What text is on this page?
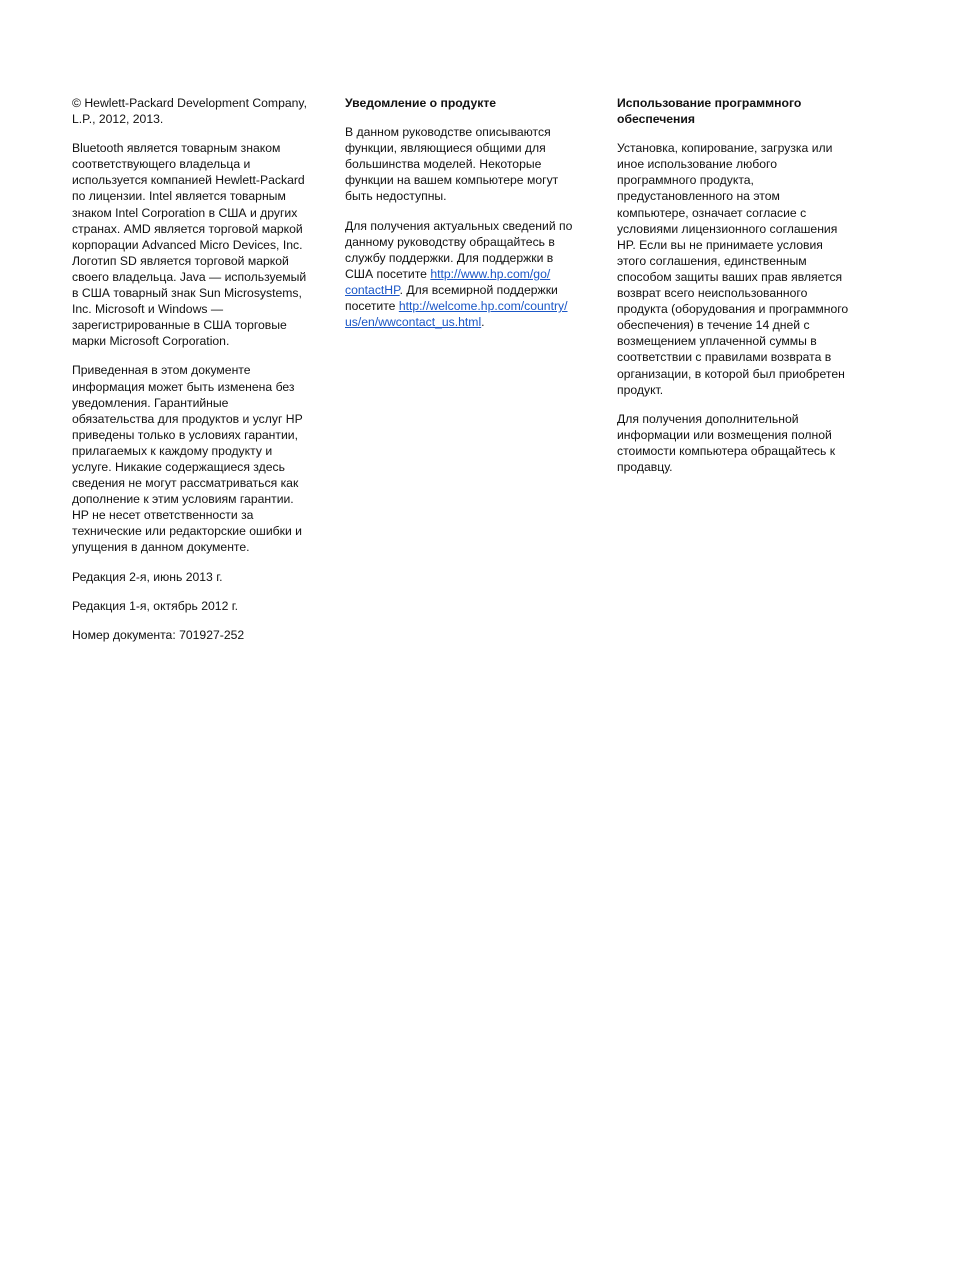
© Hewlett-Packard Development Company,
L.P., 2012, 2013.

Bluetooth является товарным знаком
соответствующего владельца и
используется компанией Hewlett-Packard
по лицензии. Intel является товарным
знаком Intel Corporation в США и других
странах. AMD является торговой маркой
корпорации Advanced Micro Devices, Inc.
Логотип SD является торговой маркой
своего владельца. Java — используемый
в США товарный знак Sun Microsystems,
Inc. Microsoft и Windows —
зарегистрированные в США торговые
марки Microsoft Corporation.

Приведенная в этом документе
информация может быть изменена без
уведомления. Гарантийные
обязательства для продуктов и услуг HP
приведены только в условиях гарантии,
прилагаемых к каждому продукту и
услуге. Никакие содержащиеся здесь
сведения не могут рассматриваться как
дополнение к этим условиям гарантии.
HP не несет ответственности за
технические или редакторские ошибки и
упущения в данном документе.

Редакция 2-я, июнь 2013 г.

Редакция 1-я, октябрь 2012 г.

Номер документа: 701927-252

Уведомление о продукте

В данном руководстве описываются
функции, являющиеся общими для
большинства моделей. Некоторые
функции на вашем компьютере могут
быть недоступны.

Для получения актуальных сведений по
данному руководству обращайтесь в
службу поддержки. Для поддержки в
США посетите http://www.hp.com/go/
contactHP. Для всемирной поддержки
посетите http://welcome.hp.com/country/
us/en/wwcontact_us.html.

Использование программного
обеспечения

Установка, копирование, загрузка или
иное использование любого
программного продукта,
предустановленного на этом
компьютере, означает согласие с
условиями лицензионного соглашения
HP. Если вы не принимаете условия
этого соглашения, единственным
способом защиты ваших прав является
возврат всего неиспользованного
продукта (оборудования и программного
обеспечения) в течение 14 дней с
возмещением уплаченной суммы в
соответствии с правилами возврата в
организации, в которой был приобретен
продукт.

Для получения дополнительной
информации или возмещения полной
стоимости компьютера обращайтесь к
продавцу.
